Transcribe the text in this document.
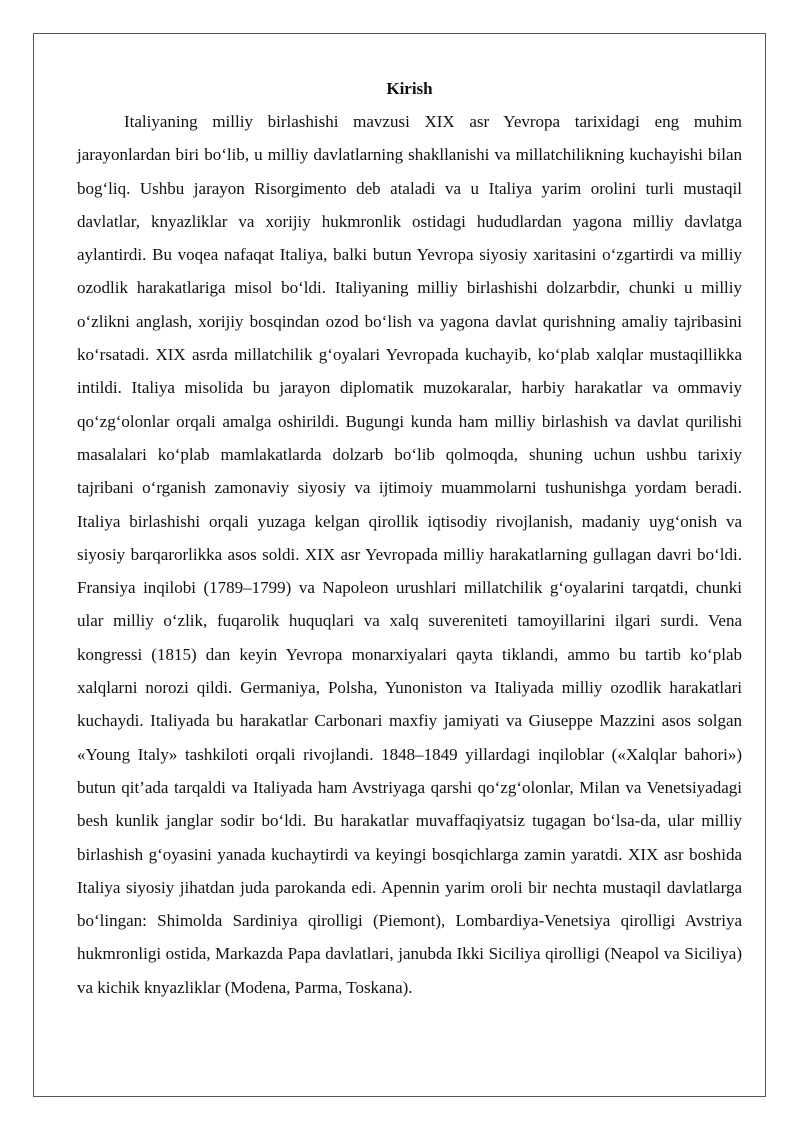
Kirish

Italiyaning milliy birlashishi mavzusi XIX asr Yevropa tarixidagi eng muhim jarayonlardan biri bo‘lib, u milliy davlatlarning shakllanishi va millatchilikning kuchayishi bilan bog‘liq. Ushbu jarayon Risorgimento deb ataladi va u Italiya yarim orolini turli mustaqil davlatlar, knyazliklar va xorijiy hukmronlik ostidagi hududlardan yagona milliy davlatga aylantirdi. Bu voqea nafaqat Italiya, balki butun Yevropa siyosiy xaritasini o‘zgartirdi va milliy ozodlik harakatlariga misol bo‘ldi. Italiyaning milliy birlashishi dolzarbdir, chunki u milliy o‘zlikni anglash, xorijiy bosqindan ozod bo‘lish va yagona davlat qurishning amaliy tajribasini ko‘rsatadi. XIX asrda millatchilik g‘oyalari Yevropada kuchayib, ko‘plab xalqlar mustaqillikka intildi. Italiya misolida bu jarayon diplomatik muzokaralar, harbiy harakatlar va ommaviy qo‘zg‘olonlar orqali amalga oshirildi. Bugungi kunda ham milliy birlashish va davlat qurilishi masalalari ko‘plab mamlakatlarda dolzarb bo‘lib qolmoqda, shuning uchun ushbu tarixiy tajribani o‘rganish zamonaviy siyosiy va ijtimoiy muammolarni tushunishga yordam beradi. Italiya birlashishi orqali yuzaga kelgan qirollik iqtisodiy rivojlanish, madaniy uyg‘onish va siyosiy barqarorlikka asos soldi. XIX asr Yevropada milliy harakatlarning gullagan davri bo‘ldi. Fransiya inqilobi (1789–1799) va Napoleon urushlari millatchilik g‘oyalarini tarqatdi, chunki ular milliy o‘zlik, fuqarolik huquqlari va xalq suvereniteti tamoyillarini ilgari surdi. Vena kongressi (1815) dan keyin Yevropa monarxiyalari qayta tiklandi, ammo bu tartib ko‘plab xalqlarni norozi qildi. Germaniya, Polsha, Yunoniston va Italiyada milliy ozodlik harakatlari kuchaydi. Italiyada bu harakatlar Carbonari maxfiy jamiyati va Giuseppe Mazzini asos solgan «Young Italy» tashkiloti orqali rivojlandi. 1848–1849 yillardagi inqiloblar («Xalqlar bahori») butun qit’ada tarqaldi va Italiyada ham Avstriyaga qarshi qo‘zg‘olonlar, Milan va Venetsiyadagi besh kunlik janglar sodir bo‘ldi. Bu harakatlar muvaffaqiyatsiz tugagan bo‘lsa-da, ular milliy birlashish g‘oyasini yanada kuchaytirdi va keyingi bosqichlarga zamin yaratdi. XIX asr boshida Italiya siyosiy jihatdan juda parokanda edi. Apennin yarim oroli bir nechta mustaqil davlatlarga bo‘lingan: Shimolda Sardiniya qirolligi (Piemont), Lombardiya-Venetsiya qirolligi Avstriya hukmronligi ostida, Markazda Papa davlatlari, janubda Ikki Siciliya qirolligi (Neapol va Siciliya) va kichik knyazliklar (Modena, Parma, Toskana).
